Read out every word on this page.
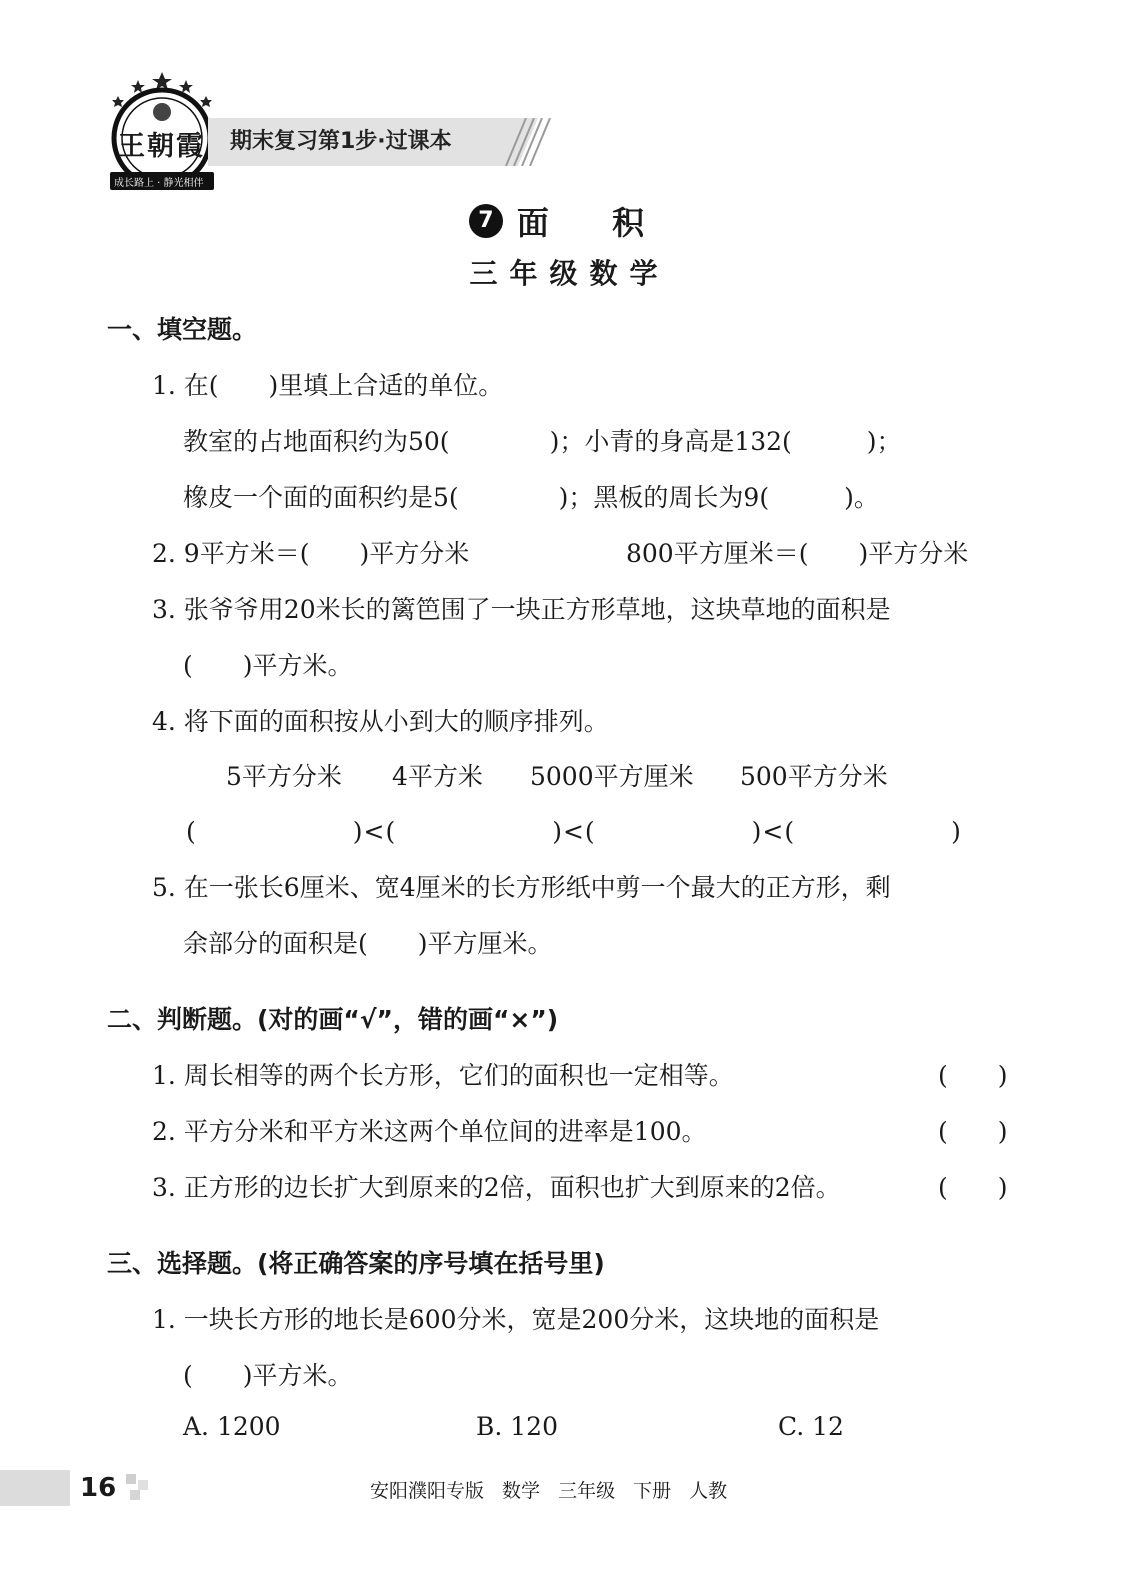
王朝霞
成长路上 · 静光相伴
期末复习第1步·过课本
7 面 积
三年级数学
一、填空题。
1. 在(　　)里填上合适的单位。
教室的占地面积约为50(　　　　)；小青的身高是132(　　　)；
橡皮一个面的面积约是5(　　　　)；黑板的周长为9(　　　)。
2. 9平方米＝(　　)平方分米	800平方厘米＝(　　)平方分米
3. 张爷爷用20米长的篱笆围了一块正方形草地，这块草地的面积是
(　　)平方米。
4. 将下面的面积按从小到大的顺序排列。
5平方分米 4平方米 5000平方厘米 500平方分米
(　　　　　　)<(　　　　　　)<(　　　　　　)<(　　　　　　)
5. 在一张长6厘米、宽4厘米的长方形纸中剪一个最大的正方形，剩
余部分的面积是(　　)平方厘米。
二、判断题。(对的画“√”，错的画“×”)
1. 周长相等的两个长方形，它们的面积也一定相等。	(　　)
2. 平方分米和平方米这两个单位间的进率是100。	(　　)
3. 正方形的边长扩大到原来的2倍，面积也扩大到原来的2倍。	(　　)
三、选择题。(将正确答案的序号填在括号里)
1. 一块长方形的地长是600分米，宽是200分米，这块地的面积是
(　　)平方米。
A. 1200	B. 120	C. 12
16	安阳濮阳专版 数学 三年级 下册 人教
